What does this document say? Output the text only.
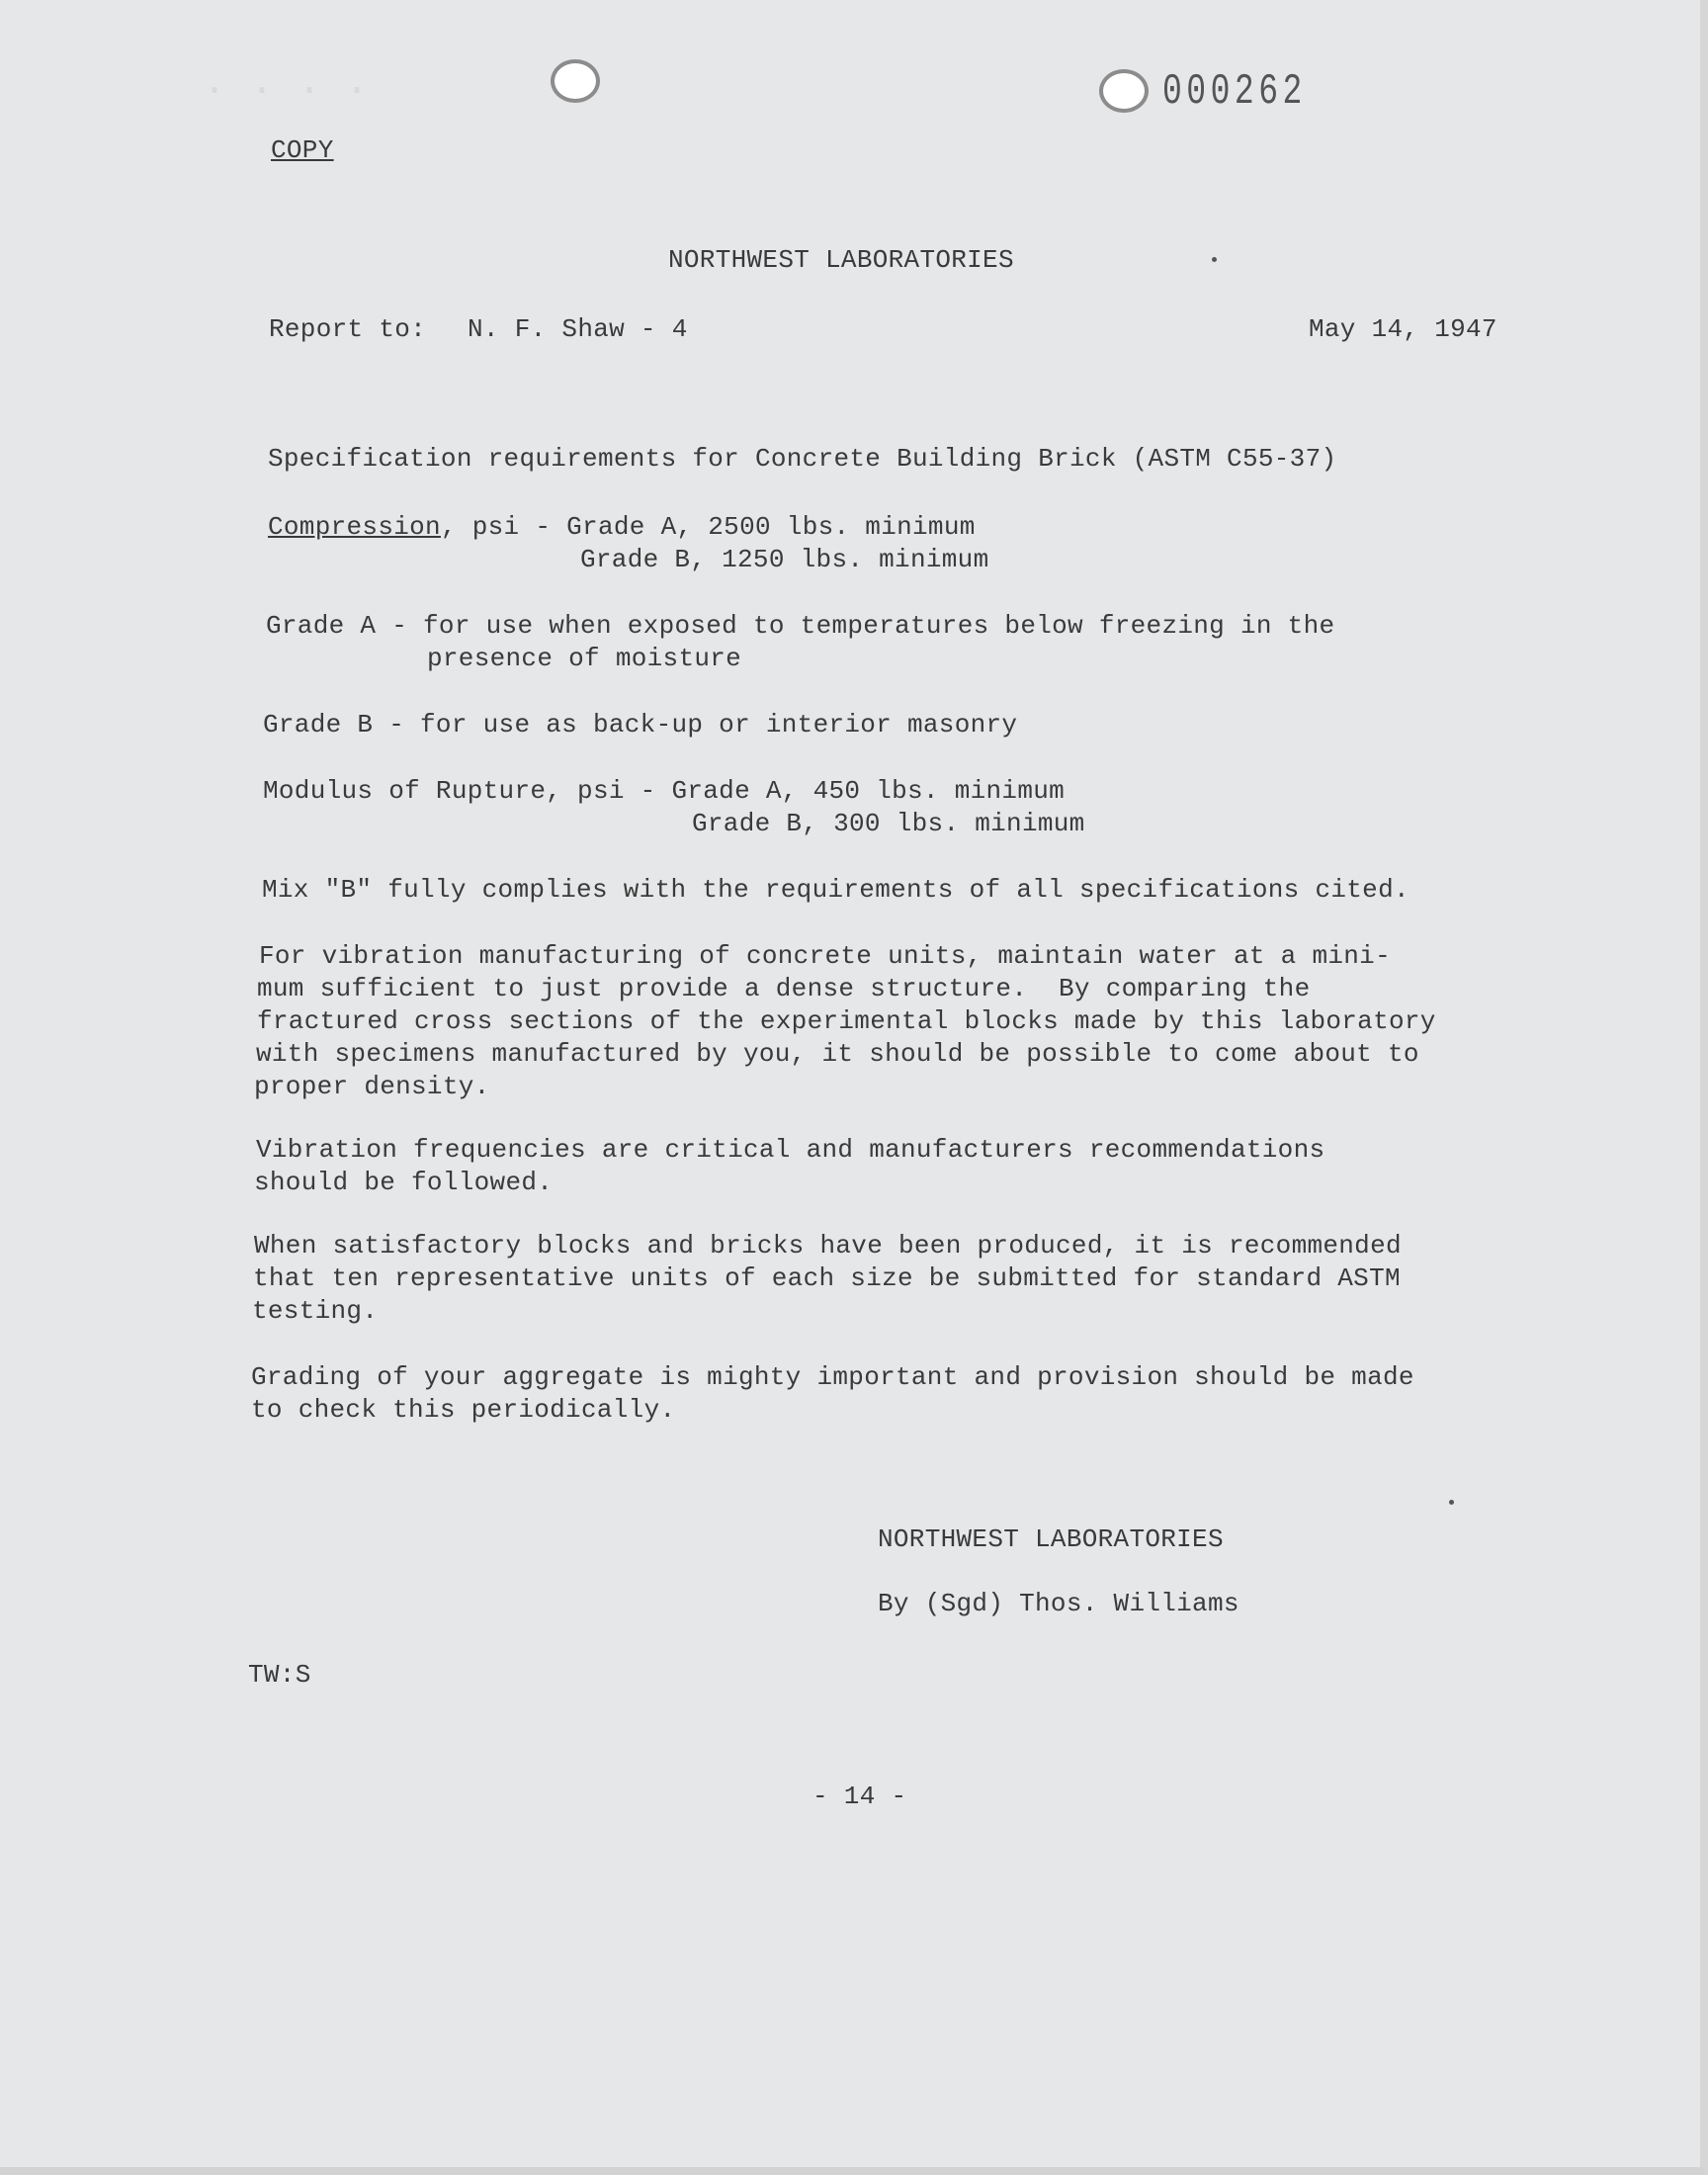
000262
. . . .
COPY
NORTHWEST LABORATORIES
Report to: N. F. Shaw - 4	May 14, 1947
Specification requirements for Concrete Building Brick (ASTM C55-37)
Compression, psi - Grade A, 2500 lbs. minimum
Grade B, 1250 lbs. minimum
Grade A - for use when exposed to temperatures below freezing in the
presence of moisture
Grade B - for use as back-up or interior masonry
Modulus of Rupture, psi - Grade A, 450 lbs. minimum
Grade B, 300 lbs. minimum
Mix "B" fully complies with the requirements of all specifications cited.
For vibration manufacturing of concrete units, maintain water at a mini-
mum sufficient to just provide a dense structure.  By comparing the
fractured cross sections of the experimental blocks made by this laboratory
with specimens manufactured by you, it should be possible to come about to
proper density.
Vibration frequencies are critical and manufacturers recommendations
should be followed.
When satisfactory blocks and bricks have been produced, it is recommended
that ten representative units of each size be submitted for standard ASTM
testing.
Grading of your aggregate is mighty important and provision should be made
to check this periodically.
NORTHWEST LABORATORIES
By (Sgd) Thos. Williams
TW:S
- 14 -
